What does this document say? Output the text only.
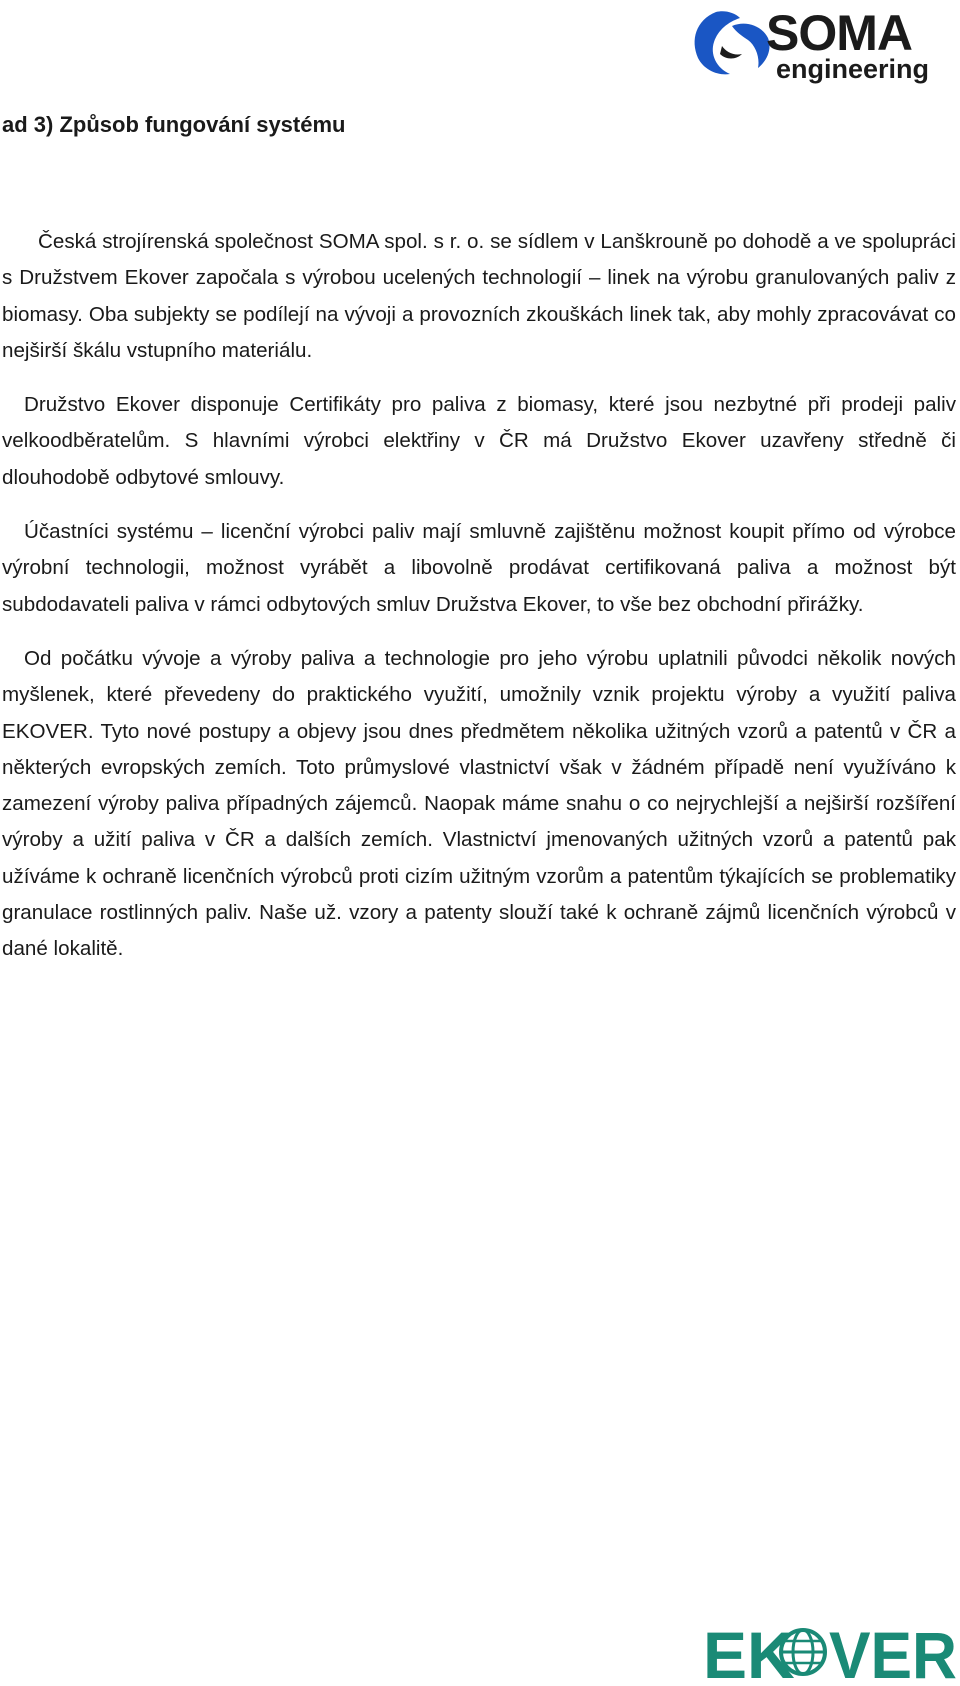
SOMA
engineering
ad 3) Způsob fungování systému

Česká strojírenská společnost SOMA spol. s r. o. se sídlem v Lanškrouně po dohodě a ve spolupráci s Družstvem Ekover započala s výrobou ucelených technologií – linek na výrobu granulovaných paliv z biomasy. Oba subjekty se podílejí na vývoji a provozních zkouškách linek tak, aby mohly zpracovávat co nejširší škálu vstupního materiálu.

Družstvo Ekover disponuje Certifikáty pro paliva z biomasy, které jsou nezbytné při prodeji paliv velkoodběratelům. S hlavními výrobci elektřiny v ČR má Družstvo Ekover uzavřeny středně či dlouhodobě odbytové smlouvy.

Účastníci systému – licenční výrobci paliv mají smluvně zajištěnu možnost koupit přímo od výrobce výrobní technologii, možnost vyrábět a libovolně prodávat certifikovaná paliva a možnost být subdodavateli paliva v rámci odbytových smluv Družstva Ekover, to vše bez obchodní přirážky.

Od počátku vývoje a výroby paliva a technologie pro jeho výrobu uplatnili původci několik nových myšlenek, které převedeny do praktického využití, umožnily vznik projektu výroby a využití paliva EKOVER. Tyto nové postupy a objevy jsou dnes předmětem několika užitných vzorů a patentů v ČR a některých evropských zemích. Toto průmyslové vlastnictví však v žádném případě není využíváno k zamezení výroby paliva případných zájemců. Naopak máme snahu o co nejrychlejší a nejširší rozšíření výroby a užití paliva v ČR a dalších zemích. Vlastnictví jmenovaných užitných vzorů a patentů pak užíváme k ochraně licenčních výrobců proti cizím užitným vzorům a patentům týkajících se problematiky granulace rostlinných paliv. Naše už. vzory a patenty slouží také k ochraně zájmů licenčních výrobců v dané lokalitě.

EK VER
